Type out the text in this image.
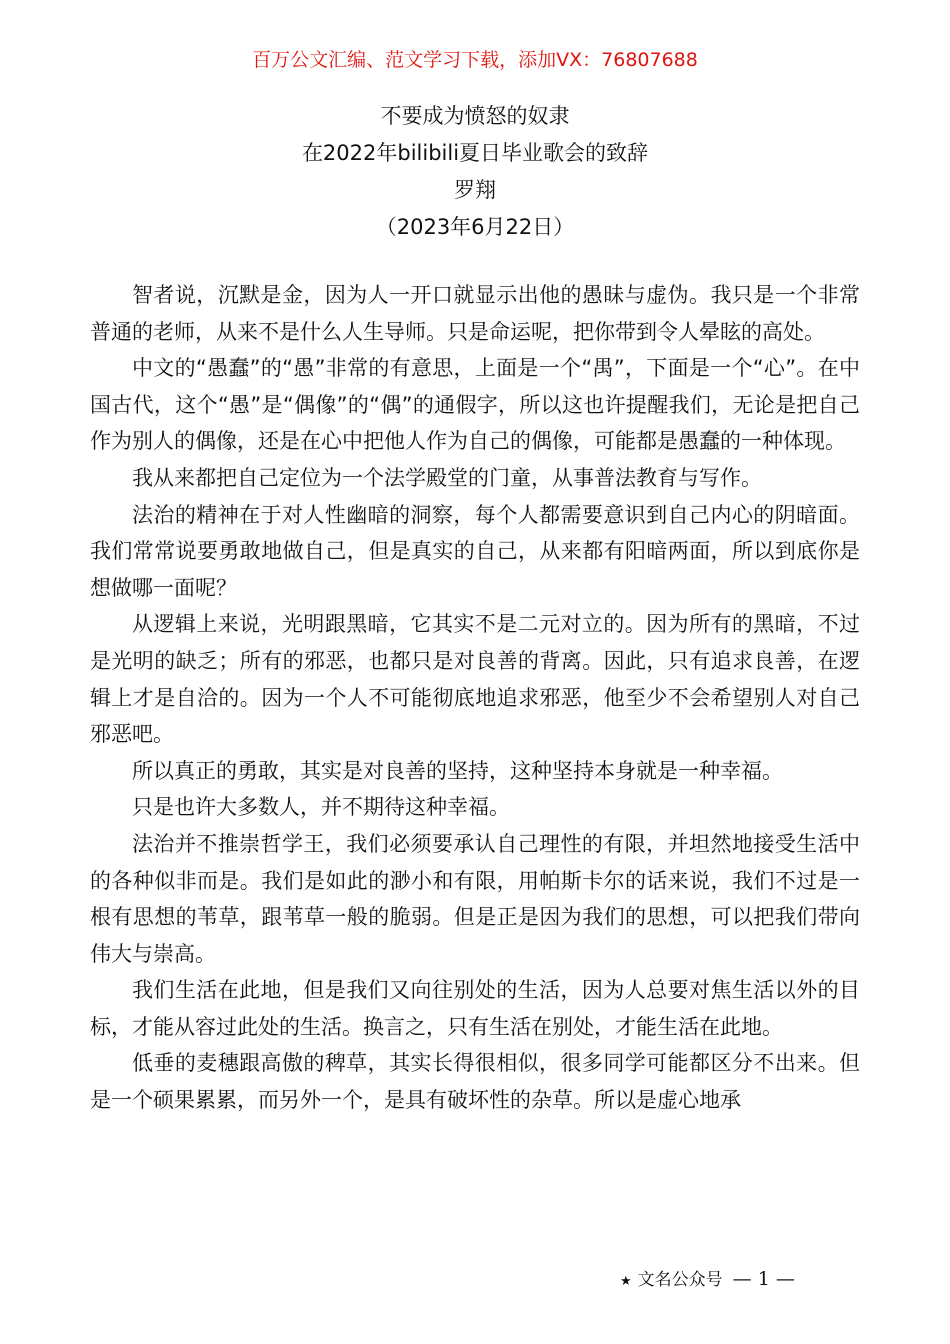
百万公文汇编、范文学习下载，添加VX：76807688
不要成为愤怒的奴隶
在2022年bilibili夏日毕业歌会的致辞
罗翔
（2023年6月22日）

智者说，沉默是金，因为人一开口就显示出他的愚昧与虚伪。我只是一个非常普通的老师，从来不是什么人生导师。只是命运呢，把你带到令人晕眩的高处。

中文的“愚蠢”的“愚”非常的有意思，上面是一个“禺”，下面是一个“心”。在中国古代，这个“愚”是“偶像”的“偶”的通假字，所以这也许提醒我们，无论是把自己作为别人的偶像，还是在心中把他人作为自己的偶像，可能都是愚蠢的一种体现。

我从来都把自己定位为一个法学殿堂的门童，从事普法教育与写作。

法治的精神在于对人性幽暗的洞察，每个人都需要意识到自己内心的阴暗面。我们常常说要勇敢地做自己，但是真实的自己，从来都有阳暗两面，所以到底你是想做哪一面呢？

从逻辑上来说，光明跟黑暗，它其实不是二元对立的。因为所有的黑暗，不过是光明的缺乏；所有的邪恶，也都只是对良善的背离。因此，只有追求良善，在逻辑上才是自洽的。因为一个人不可能彻底地追求邪恶，他至少不会希望别人对自己邪恶吧。

所以真正的勇敢，其实是对良善的坚持，这种坚持本身就是一种幸福。

只是也许大多数人，并不期待这种幸福。

法治并不推崇哲学王，我们必须要承认自己理性的有限，并坦然地接受生活中的各种似非而是。我们是如此的渺小和有限，用帕斯卡尔的话来说，我们不过是一根有思想的苇草，跟苇草一般的脆弱。但是正是因为我们的思想，可以把我们带向伟大与崇高。

我们生活在此地，但是我们又向往别处的生活，因为人总要对焦生活以外的目标，才能从容过此处的生活。换言之，只有生活在别处，才能生活在此地。

低垂的麦穗跟高傲的稗草，其实长得很相似，很多同学可能都区分不出来。但是一个硕果累累，而另外一个，是具有破坏性的杂草。所以是虚心地承

★ 文名公众号 — 1 —
